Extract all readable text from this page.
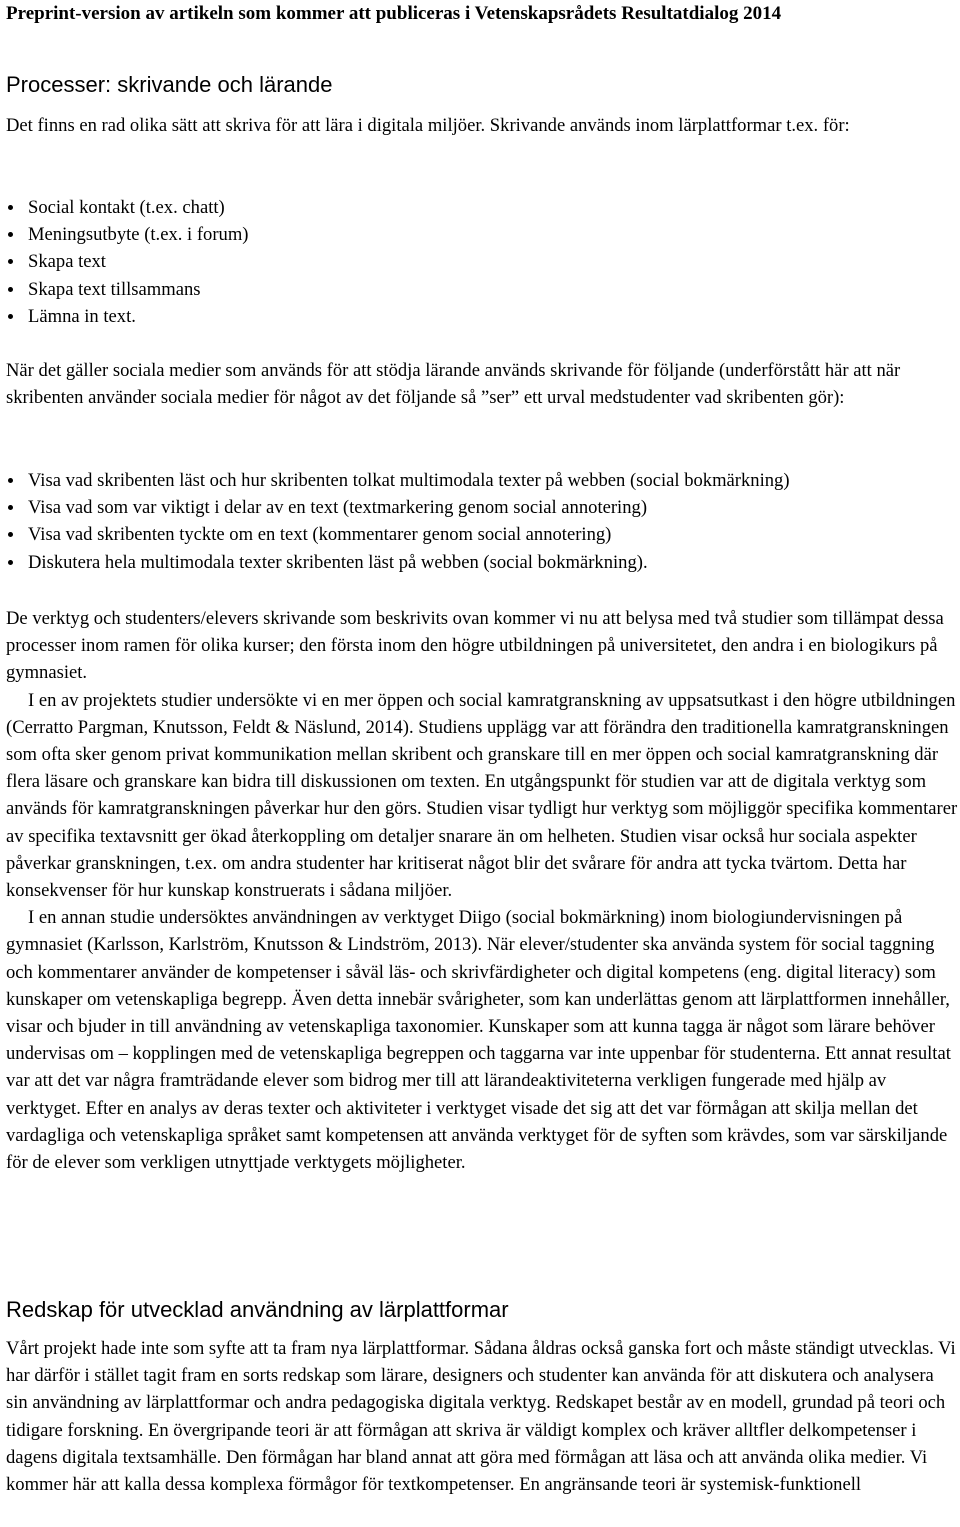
Preprint-version av artikeln som kommer att publiceras i Vetenskapsrådets Resultatdialog 2014
Processer: skrivande och lärande

Det finns en rad olika sätt att skriva för att lära i digitala miljöer. Skrivande används inom lärplattformar t.ex. för:

Social kontakt (t.ex. chatt)
Meningsutbyte (t.ex. i forum)
Skapa text
Skapa text tillsammans
Lämna in text.

När det gäller sociala medier som används för att stödja lärande används skrivande för följande (underförstått här att när skribenten använder sociala medier för något av det följande så ”ser” ett urval medstudenter vad skribenten gör):

Visa vad skribenten läst och hur skribenten tolkat multimodala texter på webben (social bokmärkning)
Visa vad som var viktigt i delar av en text (textmarkering genom social annotering)
Visa vad skribenten tyckte om en text (kommentarer genom social annotering)
Diskutera hela multimodala texter skribenten läst på webben (social bokmärkning).

De verktyg och studenters/elevers skrivande som beskrivits ovan kommer vi nu att belysa med två studier som tillämpat dessa processer inom ramen för olika kurser; den första inom den högre utbildningen på universitetet, den andra i en biologikurs på gymnasiet.

I en av projektets studier undersökte vi en mer öppen och social kamratgranskning av uppsatsutkast i den högre utbildningen (Cerratto Pargman, Knutsson, Feldt & Näslund, 2014). Studiens upplägg var att förändra den traditionella kamratgranskningen som ofta sker genom privat kommunikation mellan skribent och granskare till en mer öppen och social kamratgranskning där flera läsare och granskare kan bidra till diskussionen om texten. En utgångspunkt för studien var att de digitala verktyg som används för kamratgranskningen påverkar hur den görs. Studien visar tydligt hur verktyg som möjliggör specifika kommentarer av specifika textavsnitt ger ökad återkoppling om detaljer snarare än om helheten. Studien visar också hur sociala aspekter påverkar granskningen, t.ex. om andra studenter har kritiserat något blir det svårare för andra att tycka tvärtom. Detta har konsekvenser för hur kunskap konstruerats i sådana miljöer.

I en annan studie undersöktes användningen av verktyget Diigo (social bokmärkning) inom biologiundervisningen på gymnasiet (Karlsson, Karlström, Knutsson & Lindström, 2013). När elever/studenter ska använda system för social taggning och kommentarer använder de kompetenser i såväl läs- och skrivfärdigheter och digital kompetens (eng. digital literacy) som kunskaper om vetenskapliga begrepp. Även detta innebär svårigheter, som kan underlättas genom att lärplattformen innehåller, visar och bjuder in till användning av vetenskapliga taxonomier. Kunskaper som att kunna tagga är något som lärare behöver undervisas om – kopplingen med de vetenskapliga begreppen och taggarna var inte uppenbar för studenterna. Ett annat resultat var att det var några framträdande elever som bidrog mer till att lärandeaktiviteterna verkligen fungerade med hjälp av verktyget. Efter en analys av deras texter och aktiviteter i verktyget visade det sig att det var förmågan att skilja mellan det vardagliga och vetenskapliga språket samt kompetensen att använda verktyget för de syften som krävdes, som var särskiljande för de elever som verkligen utnyttjade verktygets möjligheter.

Redskap för utvecklad användning av lärplattformar

Vårt projekt hade inte som syfte att ta fram nya lärplattformar. Sådana åldras också ganska fort och måste ständigt utvecklas. Vi har därför i stället tagit fram en sorts redskap som lärare, designers och studenter kan använda för att diskutera och analysera sin användning av lärplattformar och andra pedagogiska digitala verktyg. Redskapet består av en modell, grundad på teori och tidigare forskning. En övergripande teori är att förmågan att skriva är väldigt komplex och kräver alltfler delkompetenser i dagens digitala textsamhälle. Den förmågan har bland annat att göra med förmågan att läsa och att använda olika medier. Vi kommer här att kalla dessa komplexa förmågor för textkompetenser. En angränsande teori är systemisk-funktionell
